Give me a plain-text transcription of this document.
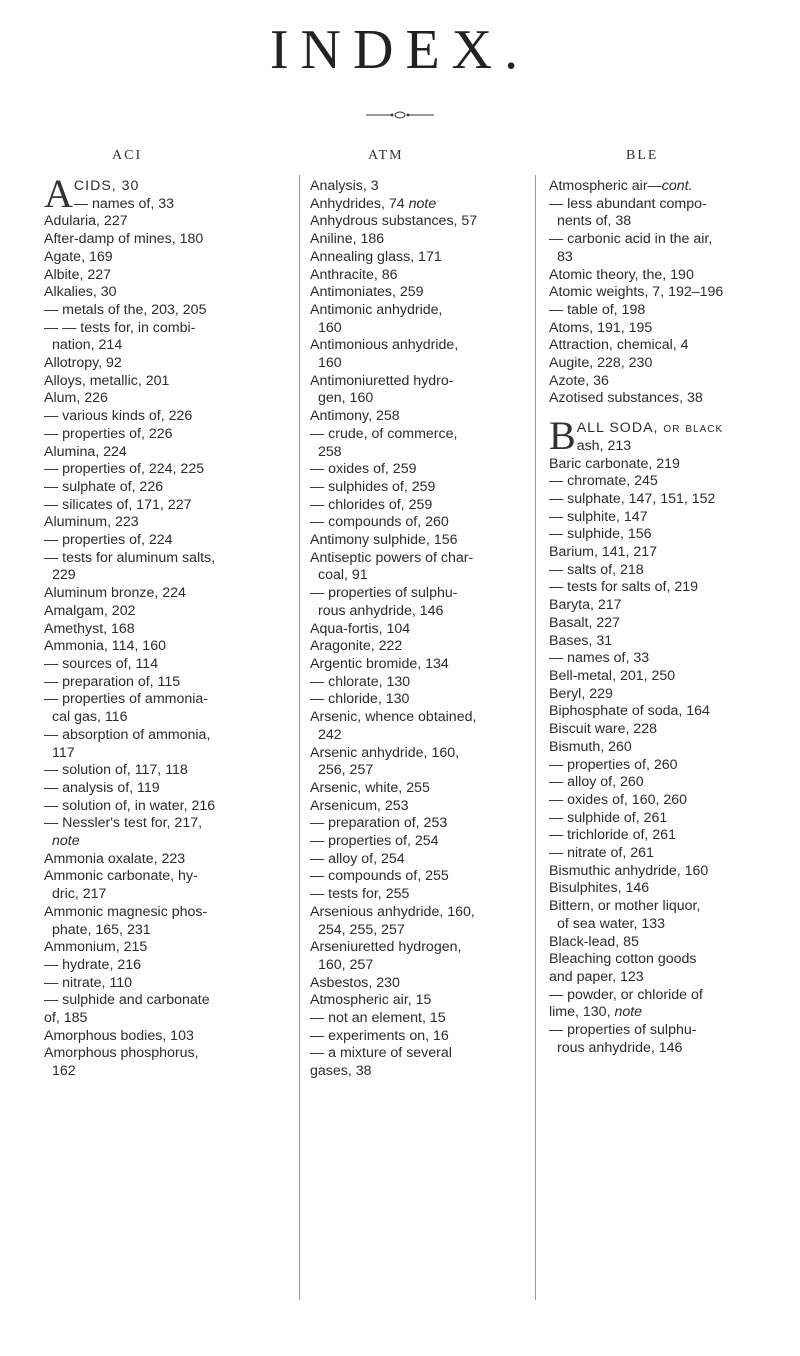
INDEX.
ACI	ATM	BLE
ACIDS, 30
— names of, 33
Adularia, 227
After-damp of mines, 180
Agate, 169
Albite, 227
Alkalies, 30
— metals of the, 203, 205
— — tests for, in combi-
nation, 214
Allotropy, 92
Alloys, metallic, 201
Alum, 226
— various kinds of, 226
— properties of, 226
Alumina, 224
— properties of, 224, 225
— sulphate of, 226
— silicates of, 171, 227
Aluminum, 223
— properties of, 224
— tests for aluminum salts,
229
Aluminum bronze, 224
Amalgam, 202
Amethyst, 168
Ammonia, 114, 160
— sources of, 114
— preparation of, 115
— properties of ammonia-
cal gas, 116
— absorption of ammonia,
117
— solution of, 117, 118
— analysis of, 119
— solution of, in water, 216
— Nessler's test for, 217,
note
Ammonia oxalate, 223
Ammonic carbonate, hy-
dric, 217
Ammonic magnesic phos-
phate, 165, 231
Ammonium, 215
— hydrate, 216
— nitrate, 110
— sulphide and carbonate
of, 185
Amorphous bodies, 103
Amorphous phosphorus,
162
Analysis, 3
Anhydrides, 74 note
Anhydrous substances, 57
Aniline, 186
Annealing glass, 171
Anthracite, 86
Antimoniates, 259
Antimonic anhydride,
160
Antimonious anhydride,
160
Antimoniuretted hydro-
gen, 160
Antimony, 258
— crude, of commerce,
258
— oxides of, 259
— sulphides of, 259
— chlorides of, 259
— compounds of, 260
Antimony sulphide, 156
Antiseptic powers of char-
coal, 91
— properties of sulphu-
rous anhydride, 146
Aqua-fortis, 104
Aragonite, 222
Argentic bromide, 134
— chlorate, 130
— chloride, 130
Arsenic, whence obtained,
242
Arsenic anhydride, 160,
256, 257
Arsenic, white, 255
Arsenicum, 253
— preparation of, 253
— properties of, 254
— alloy of, 254
— compounds of, 255
— tests for, 255
Arsenious anhydride, 160,
254, 255, 257
Arseniuretted hydrogen,
160, 257
Asbestos, 230
Atmospheric air, 15
— not an element, 15
— experiments on, 16
— a mixture of several
gases, 38
Atmospheric air—cont.
— less abundant compo-
nents of, 38
— carbonic acid in the air,
83
Atomic theory, the, 190
Atomic weights, 7, 192–196
— table of, 198
Atoms, 191, 195
Attraction, chemical, 4
Augite, 228, 230
Azote, 36
Azotised substances, 38
BALL SODA, or black
ash, 213
Baric carbonate, 219
— chromate, 245
— sulphate, 147, 151, 152
— sulphite, 147
— sulphide, 156
Barium, 141, 217
— salts of, 218
— tests for salts of, 219
Baryta, 217
Basalt, 227
Bases, 31
— names of, 33
Bell-metal, 201, 250
Beryl, 229
Biphosphate of soda, 164
Biscuit ware, 228
Bismuth, 260
— properties of, 260
— alloy of, 260
— oxides of, 160, 260
— sulphide of, 261
— trichloride of, 261
— nitrate of, 261
Bismuthic anhydride, 160
Bisulphites, 146
Bittern, or mother liquor,
of sea water, 133
Black-lead, 85
Bleaching cotton goods
and paper, 123
— powder, or chloride of
lime, 130, note
— properties of sulphu-
rous anhydride, 146
